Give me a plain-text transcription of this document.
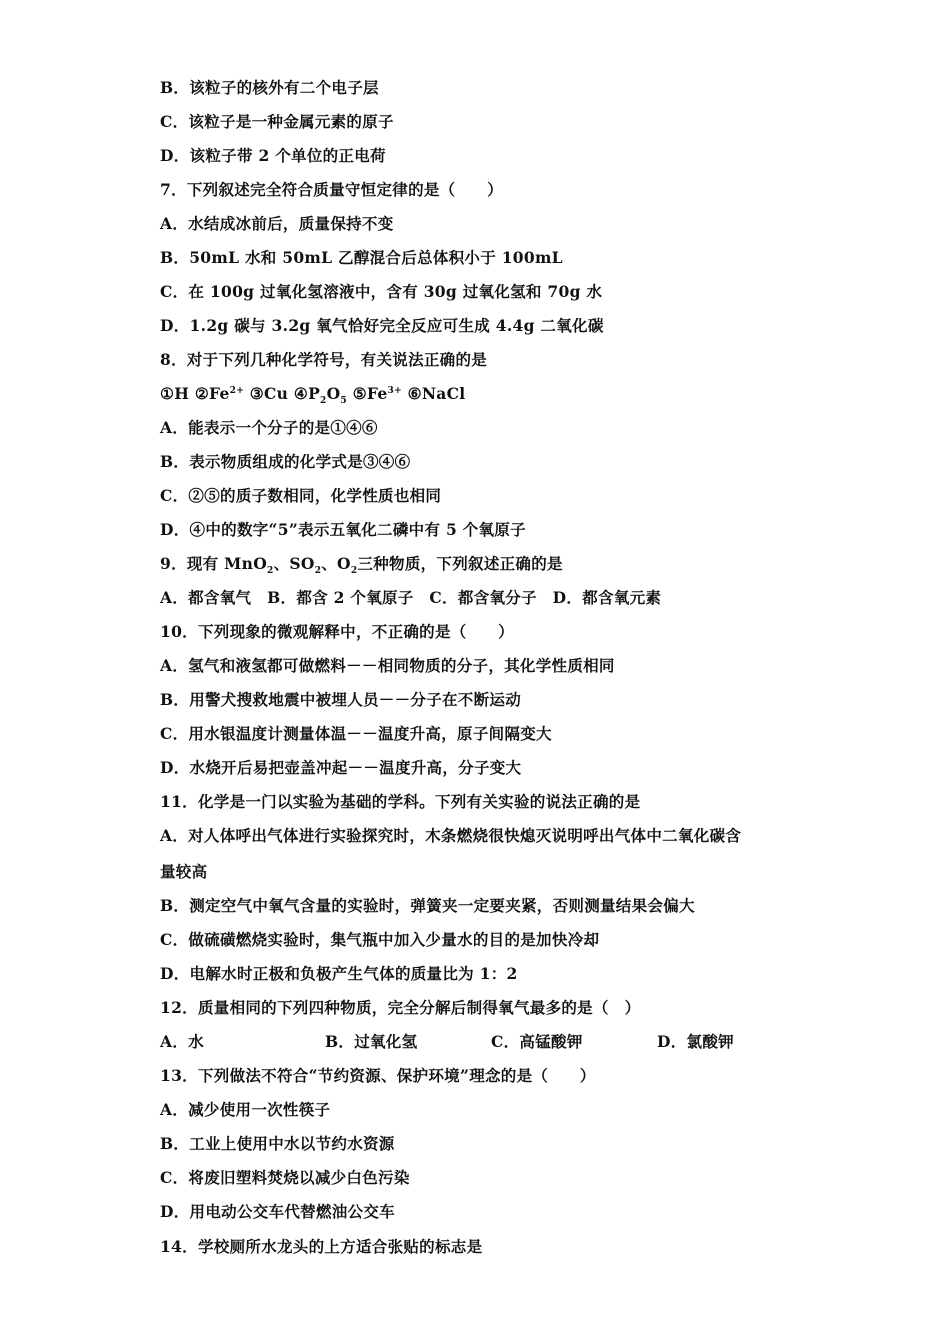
B．该粒子的核外有二个电子层
C．该粒子是一种金属元素的原子
D．该粒子带 2 个单位的正电荷
7．下列叙述完全符合质量守恒定律的是（　　）
A．水结成冰前后，质量保持不变
B．50mL 水和 50mL 乙醇混合后总体积小于 100mL
C．在 100g 过氧化氢溶液中，含有 30g 过氧化氢和 70g 水
D．1.2g 碳与 3.2g 氧气恰好完全反应可生成 4.4g 二氧化碳
8．对于下列几种化学符号，有关说法正确的是
①H $②Fe^{2+}$ ③Cu $④P_2O_5$ $⑤Fe^{3+}$ ⑥NaCl
A．能表示一个分子的是①④⑥
B．表示物质组成的化学式是③④⑥
C．②⑤的质子数相同，化学性质也相同
D．④中的数字“5”表示五氧化二磷中有 5 个氧原子
9．现有 MnO$_2$、$SO_2$、$O_2$三种物质，下列叙述正确的是
A．都含氧气　B．都含 2 个氧原子　C．都含氧分子　D．都含氧元素
10．下列现象的微观解释中，不正确的是（　　）
A．氢气和液氢都可做燃料－－相同物质的分子，其化学性质相同
B．用警犬搜救地震中被埋人员－－分子在不断运动
C．用水银温度计测量体温－－温度升高，原子间隔变大
D．水烧开后易把壶盖冲起－－温度升高，分子变大
11．化学是一门以实验为基础的学科。下列有关实验的说法正确的是
A．对人体呼出气体进行实验探究时，木条燃烧很快熄灭说明呼出气体中二氧化碳含
量较高
B．测定空气中氧气含量的实验时，弹簧夹一定要夹紧，否则测量结果会偏大
C．做硫磺燃烧实验时，集气瓶中加入少量水的目的是加快冷却
D．电解水时正极和负极产生气体的质量比为 1：2
12．质量相同的下列四种物质，完全分解后制得氧气最多的是（　）
A．水	B．过氧化氢	C．高锰酸钾	D．氯酸钾
13．下列做法不符合“节约资源、保护环境”理念的是（　　）
A．减少使用一次性筷子
B．工业上使用中水以节约水资源
C．将废旧塑料焚烧以减少白色污染
D．用电动公交车代替燃油公交车
14．学校厕所水龙头的上方适合张贴的标志是
